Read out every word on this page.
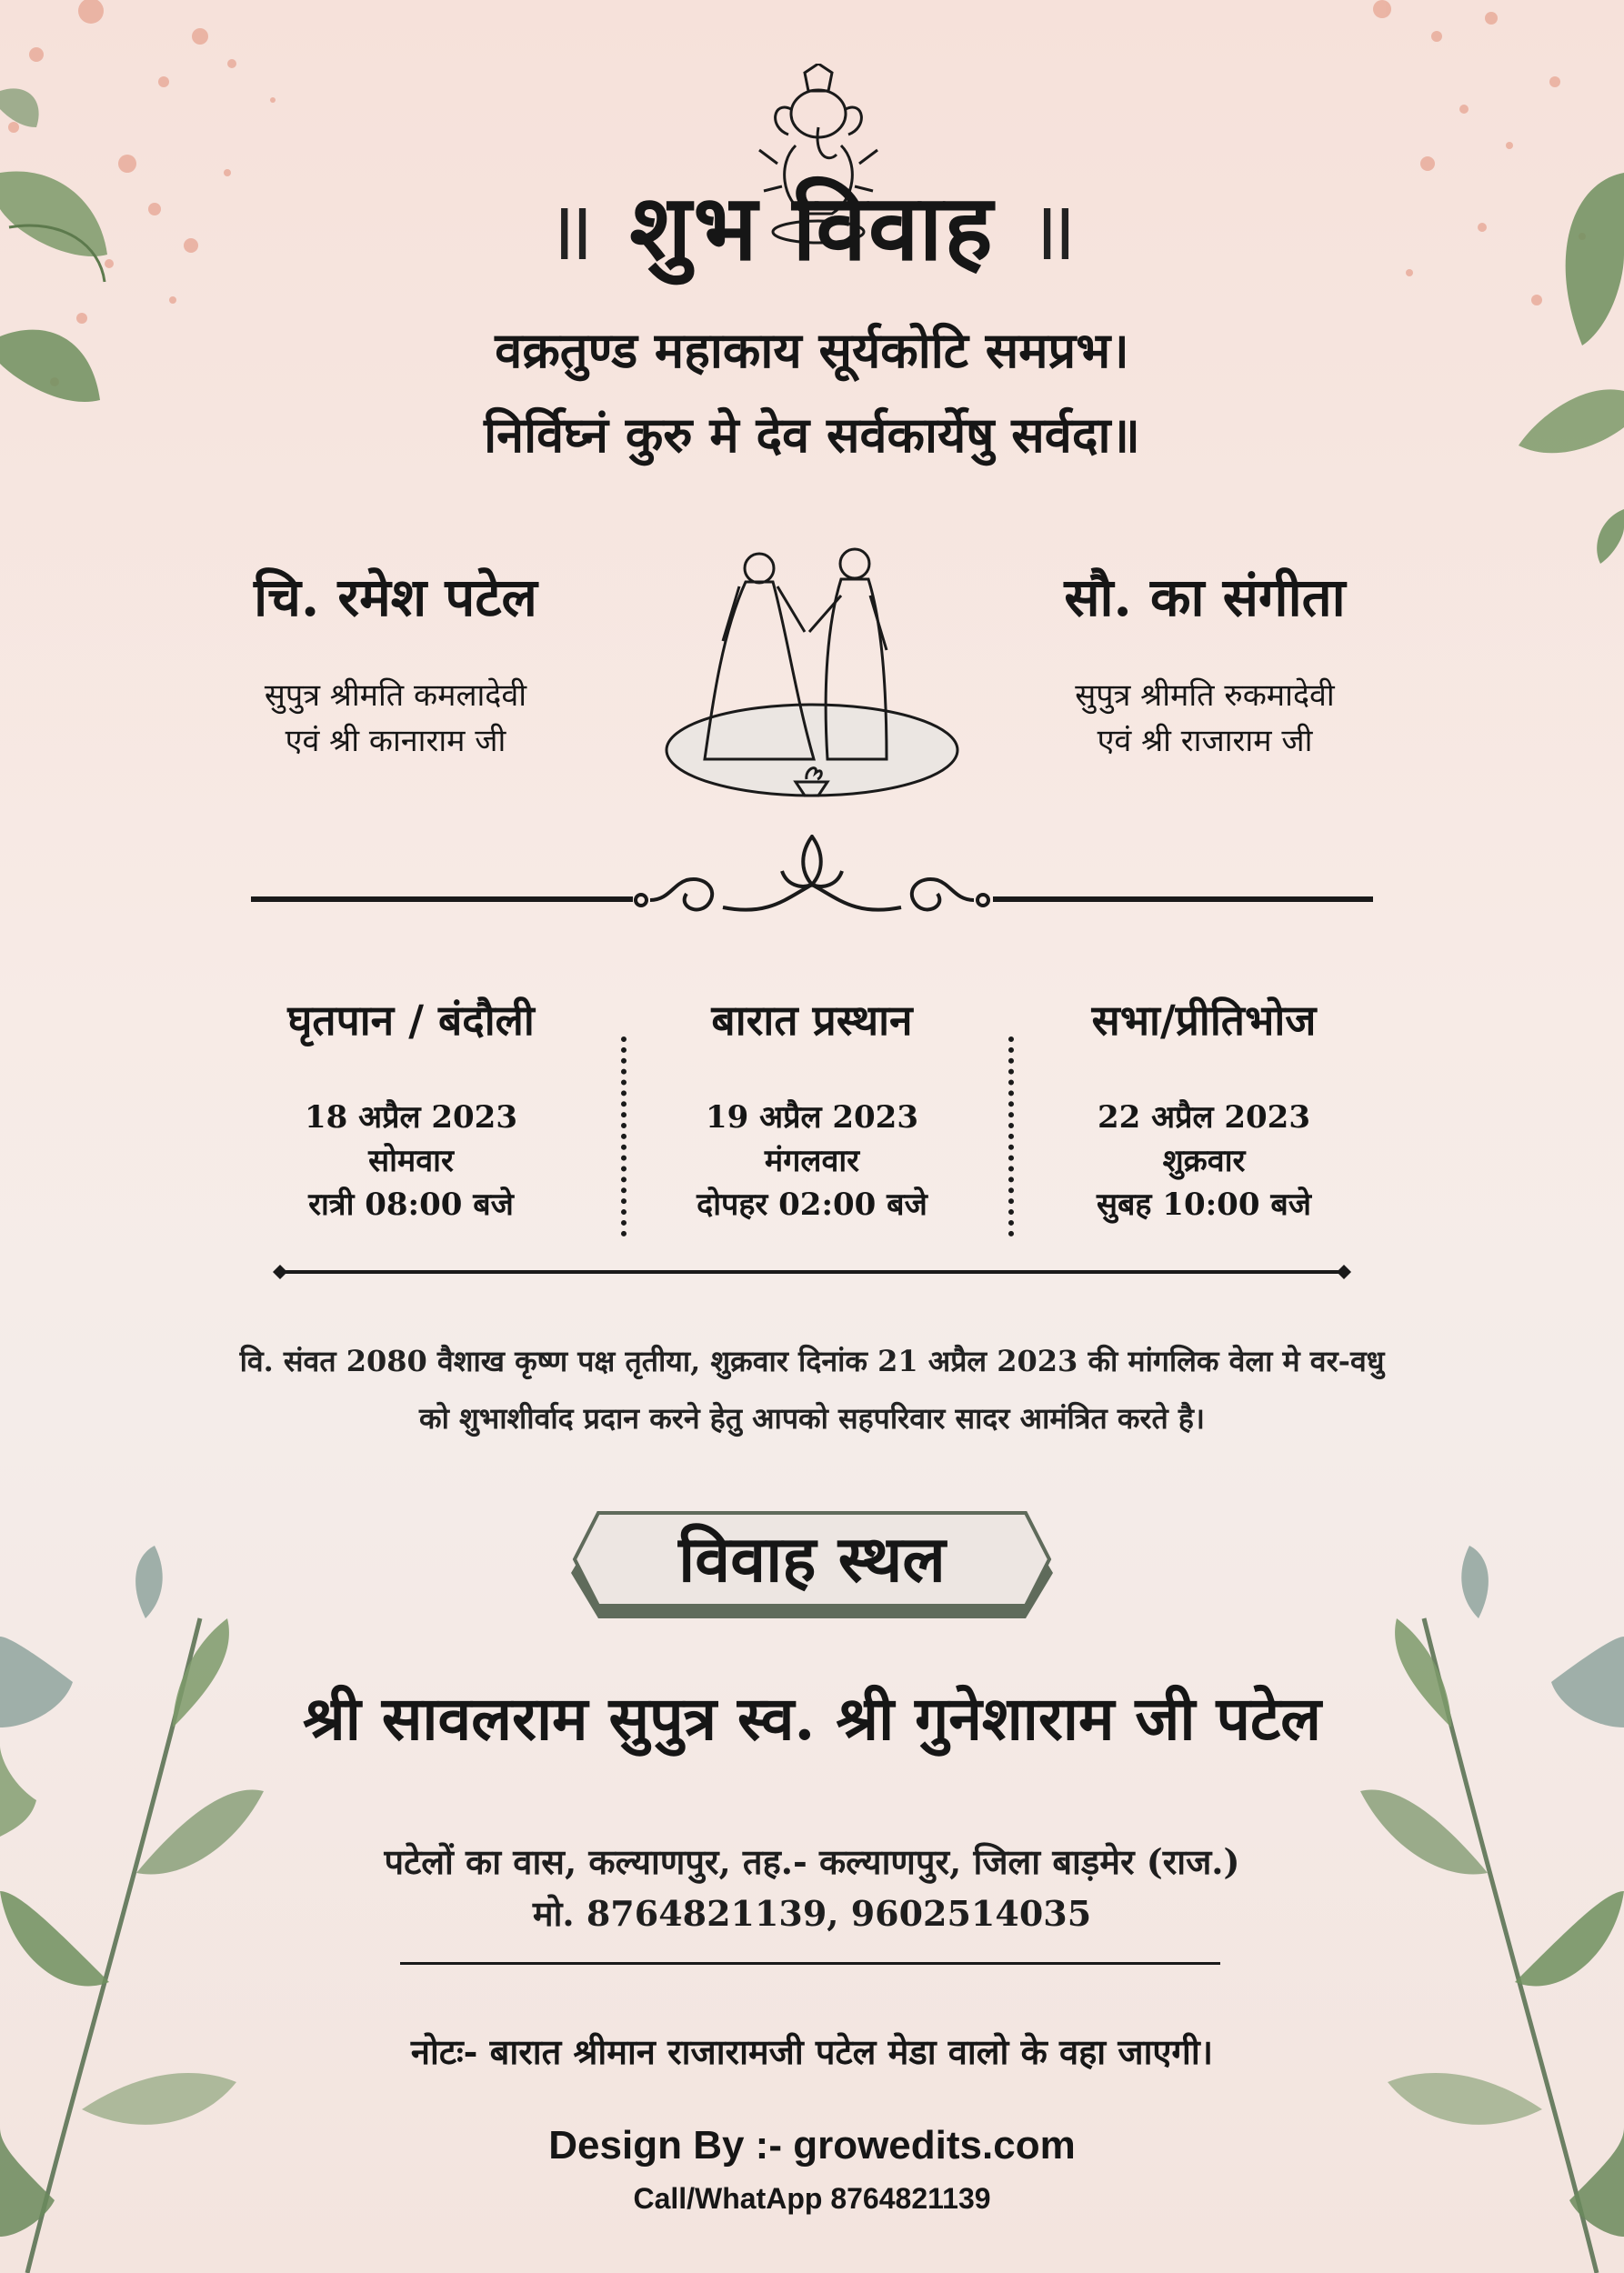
॥ शुभ विवाह ॥
वक्रतुण्ड महाकाय सूर्यकोटि समप्रभ।
निर्विघ्नं कुरु मे देव सर्वकार्येषु सर्वदा॥
चि. रमेश पटेल
सुपुत्र श्रीमति कमलादेवी
एवं श्री कानाराम जी
सौ. का संगीता
सुपुत्र श्रीमति रुकमादेवी
एवं श्री राजाराम जी
घृतपान / बंदौली
18 अप्रैल 2023
सोमवार
रात्री 08:00 बजे
बारात प्रस्थान
19 अप्रैल 2023
मंगलवार
दोपहर 02:00 बजे
सभा/प्रीतिभोज
22 अप्रैल 2023
शुक्रवार
सुबह 10:00 बजे
वि. संवत 2080 वैशाख कृष्ण पक्ष तृतीया, शुक्रवार दिनांक 21 अप्रैल 2023 की मांगलिक वेला मे वर-वधु
को शुभाशीर्वाद प्रदान करने हेतु आपको सहपरिवार सादर आमंत्रित करते है।
विवाह स्थल
श्री सावलराम सुपुत्र स्व. श्री गुनेशाराम जी पटेल
पटेलों का वास, कल्याणपुर, तह.- कल्याणपुर, जिला बाड़मेर (राज.)
मो. 8764821139, 9602514035
नोटः- बारात श्रीमान राजारामजी पटेल मेडा वालो के वहा जाएगी।
Design By :- growedits.com
Call/WhatApp 8764821139
